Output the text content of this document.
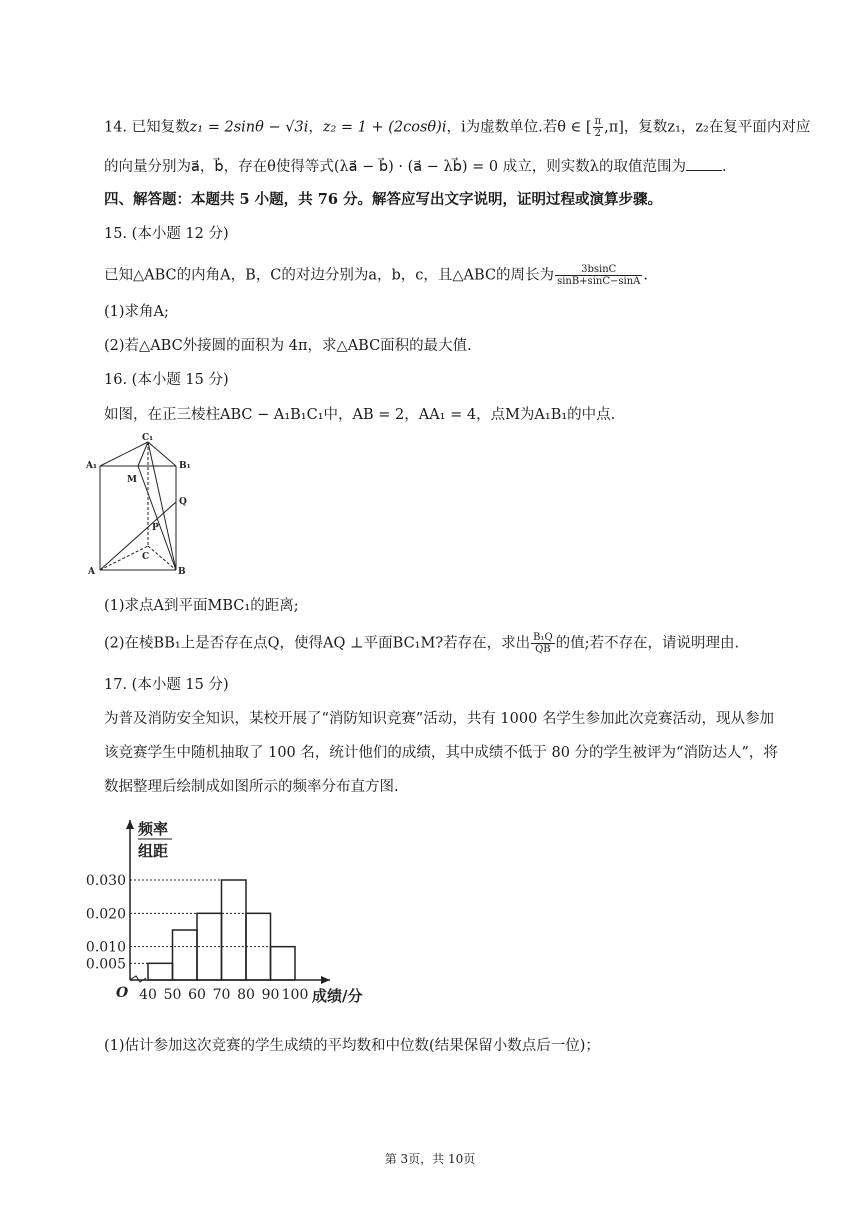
14. 已知复数z₁ = 2sinθ − √3i，z₂ = 1 + (2cosθ)i，i为虚数单位.若θ ∈ [ $\frac{\pi}{2} ,\pi$]，复数z₁，z₂在复平面内对应
的向量分别为a⃗，b⃗，存在θ使得等式(λa⃗ − b⃗) · (a⃗ − λb⃗) = 0 成立，则实数λ的取值范围为 .
四、解答题：本题共 5 小题，共 76 分。解答应写出文字说明，证明过程或演算步骤。
15. (本小题 12 分)
已知△ABC的内角A，B，C的对边分别为a，b，c，且△ABC的周长为 $\frac{3bsinC}{\sin B+\sin C-\sin A}$ .
(1)求角A;
(2)若△ABC外接圆的面积为 4π，求△ABC面积的最大值.
16. (本小题 15 分)
如图，在正三棱柱ABC − A₁B₁C₁中，AB = 2，AA₁ = 4，点M为A₁B₁的中点.
C₁
A₁	B₁
M
Q
P
C
A	B
(1)求点A到平面MBC₁的距离;
(2)在棱BB₁上是否存在点Q，使得AQ ⊥平面BC₁M?若存在，求出 $\frac{\text{B₁Q}}{QB}$ 的值;若不存在，请说明理由.
17. (本小题 15 分)
为普及消防安全知识，某校开展了“消防知识竞赛”活动，共有 1000 名学生参加此次竞赛活动，现从参加
该竞赛学生中随机抽取了 100 名，统计他们的成绩，其中成绩不低于 80 分的学生被评为“消防达人”，将
数据整理后绘制成如图所示的频率分布直方图.
0.030
0.020
0.010
0.005
40 50 60 70 80 90 100
O	成绩/分
频率
组距
(1)估计参加这次竞赛的学生成绩的平均数和中位数(结果保留小数点后一位)；
第 3页，共 10页
